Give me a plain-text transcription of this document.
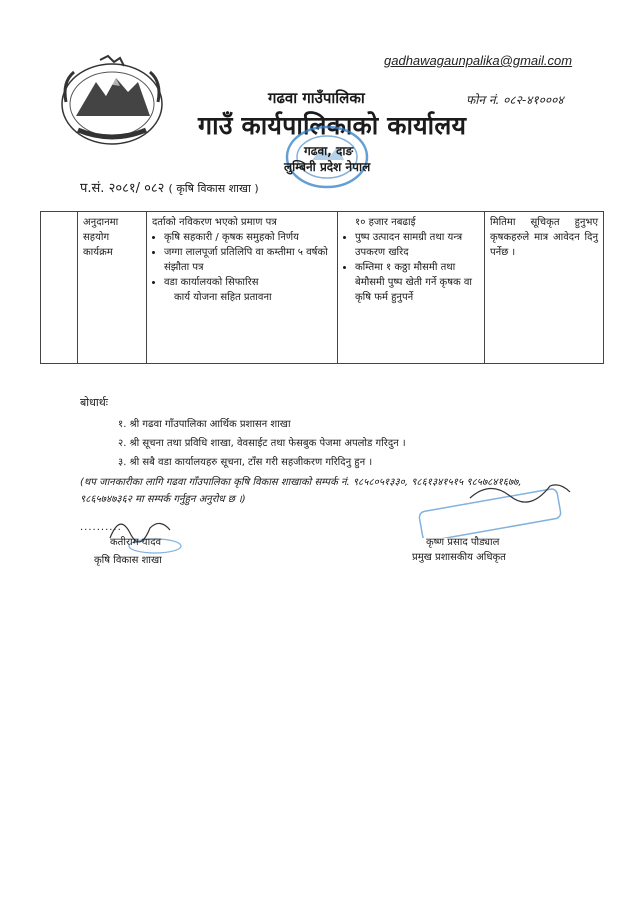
gadhawagaunpalika@gmail.com
फोन नं. ०८२-४१०००४
गढवा गाउँपालिका
गाउँ कार्यपालिकाको कार्यालय
गढवा, दाङ
लुम्बिनी प्रदेश नेपाल
प.सं. २०८१/ ०८२ ( कृषि विकास शाखा )

अनुदानमा
सहयोग
कार्यक्रम

दर्ताको नविकरण भएको प्रमाण पत्र
• कृषि सहकारी / कृषक समुहको निर्णय
• जग्गा लालपूर्जा प्रतिलिपि वा कम्तीमा ५ वर्षको संझौता पत्र
• वडा कार्यालयको सिफारिस
कार्य योजना सहित प्रतावना

१० हजार नबढाई
• पुष्प उत्पादन सामग्री तथा यन्त्र उपकरण खरिद
• कम्तिमा १ कठ्ठा मौसमी तथा बेमौसमी पुष्प खेती गर्ने कृषक वा कृषि फर्म हुनुपर्ने

मितिमा सूचिकृत हुनुभए कृषकहरुले मात्र आवेदन दिनु पर्नेछ ।
बोधार्थः
१. श्री गढवा गाँउपालिका आर्थिक प्रशासन शाखा
२. श्री सूचना तथा प्रविधि शाखा, वेवसाईट तथा फेसबुक पेजमा अपलोड गरिदुन ।
३. श्री सबै वडा कार्यालयहरु सूचना, टाँस गरी सहजीकरण गरिदिनु हुन ।
(थप जानकारीका लागि गढवा गाँउपालिका कृषि विकास शाखाको सम्पर्क नं. ९८५८०५१३३०, ९८६१३४१५१५ ९८५७८४१६७७, ९८६५७४७३६२ मा सम्पर्क गर्नुहुन अनुरोध छ ।)
..........
कतीराम यादव
कृषि विकास शाखा
कृष्ण प्रसाद पौड्याल
प्रमुख प्रशासकीय अधिकृत
